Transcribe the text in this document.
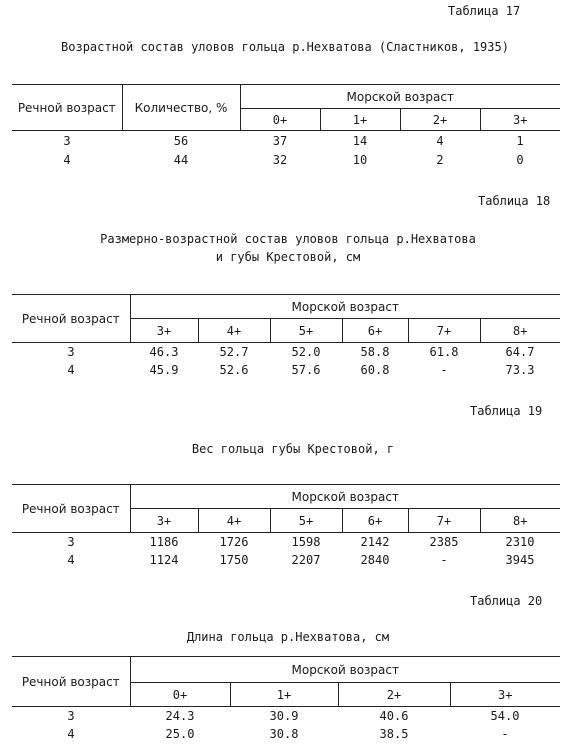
Таблица 17
Возрастной состав уловов гольца р.Нехватова (Сластников, 1935)
Речной возраст	Количество, %	Морской возраст			
		0+	1+	2+	3+
3	56	37	14	4	1
4	44	32	10	2	0
Таблица 18
Размерно-возрастной состав уловов гольца р.Нехватова
и губы Крестовой, см
Речной возраст	Морской возраст					
	3+	4+	5+	6+	7+	8+
3	46.3	52.7	52.0	58.8	61.8	64.7
4	45.9	52.6	57.6	60.8	-	73.3
Таблица 19
Вес гольца губы Крестовой, г
Речной возраст	Морской возраст					
	3+	4+	5+	6+	7+	8+
3	1186	1726	1598	2142	2385	2310
4	1124	1750	2207	2840	-	3945
Таблица 20
Длина гольца р.Нехватова, см
Речной возраст	Морской возраст			
	0+	1+	2+	3+
3	24.3	30.9	40.6	54.0
4	25.0	30.8	38.5	-
